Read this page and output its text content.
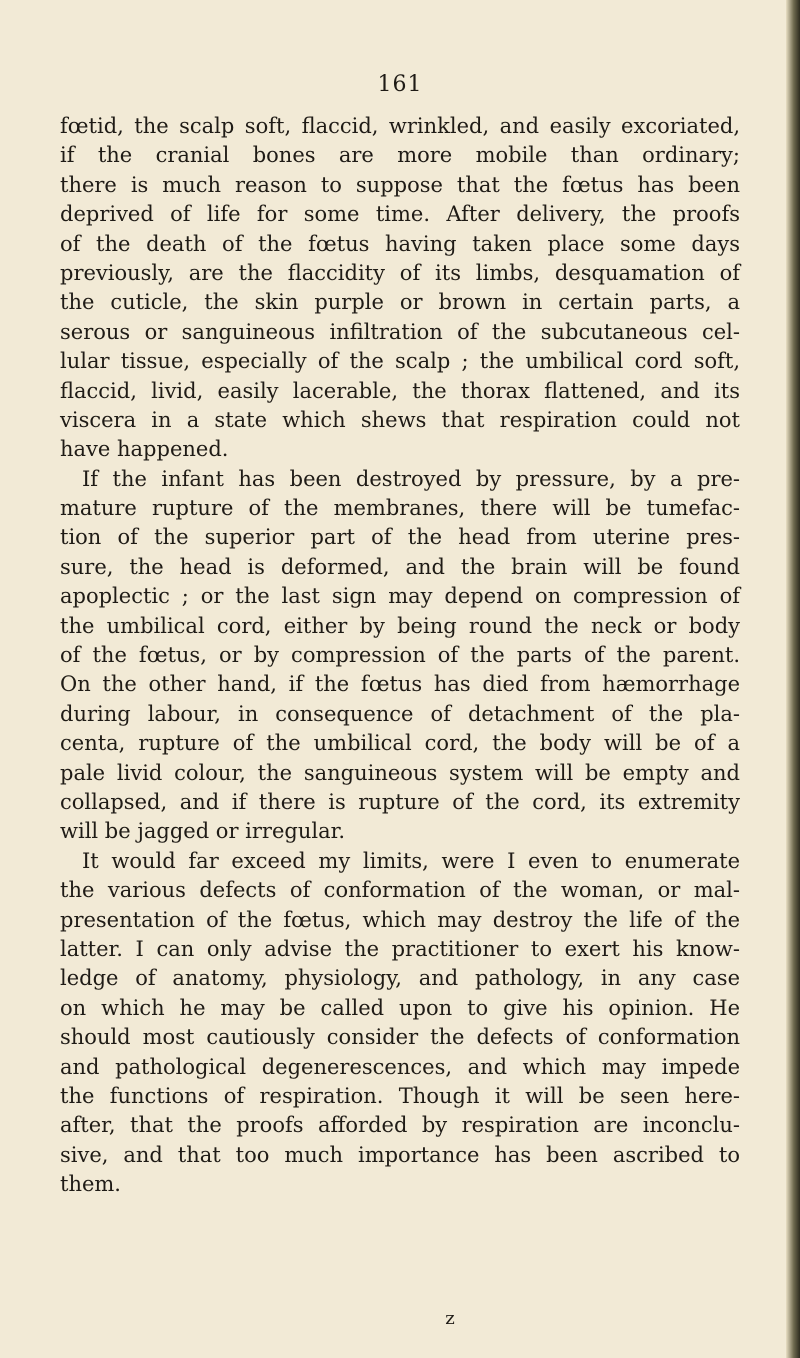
161
fœtid, the scalp soft, flaccid, wrinkled, and easily excoriated,
if the cranial bones are more mobile than ordinary;
there is much reason to suppose that the fœtus has been
deprived of life for some time. After delivery, the proofs
of the death of the fœtus having taken place some days
previously, are the flaccidity of its limbs, desquamation of
the cuticle, the skin purple or brown in certain parts, a
serous or sanguineous infiltration of the subcutaneous cel-
lular tissue, especially of the scalp ; the umbilical cord soft,
flaccid, livid, easily lacerable, the thorax flattened, and its
viscera in a state which shews that respiration could not
have happened.
If the infant has been destroyed by pressure, by a pre-
mature rupture of the membranes, there will be tumefac-
tion of the superior part of the head from uterine pres-
sure, the head is deformed, and the brain will be found
apoplectic ; or the last sign may depend on compression of
the umbilical cord, either by being round the neck or body
of the fœtus, or by compression of the parts of the parent.
On the other hand, if the fœtus has died from hæmorrhage
during labour, in consequence of detachment of the pla-
centa, rupture of the umbilical cord, the body will be of a
pale livid colour, the sanguineous system will be empty and
collapsed, and if there is rupture of the cord, its extremity
will be jagged or irregular.
It would far exceed my limits, were I even to enumerate
the various defects of conformation of the woman, or mal-
presentation of the fœtus, which may destroy the life of the
latter. I can only advise the practitioner to exert his know-
ledge of anatomy, physiology, and pathology, in any case
on which he may be called upon to give his opinion. He
should most cautiously consider the defects of conformation
and pathological degenerescences, and which may impede
the functions of respiration. Though it will be seen here-
after, that the proofs afforded by respiration are inconclu-
sive, and that too much importance has been ascribed to
them.
z
